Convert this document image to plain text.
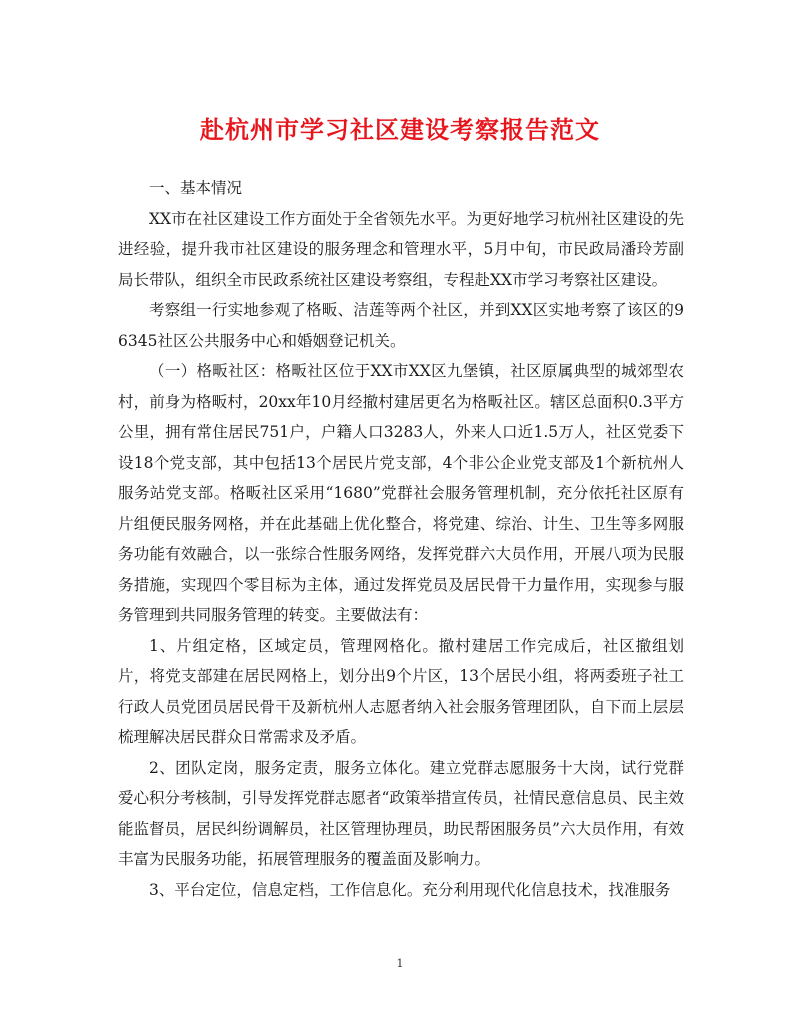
赴杭州市学习社区建设考察报告范文

一、基本情况

XX市在社区建设工作方面处于全省领先水平。为更好地学习杭州社区建设的先进经验，提升我市社区建设的服务理念和管理水平，5月中旬，市民政局潘玲芳副局长带队，组织全市民政系统社区建设考察组，专程赴XX市学习考察社区建设。

考察组一行实地参观了格畈、洁莲等两个社区，并到XX区实地考察了该区的96345社区公共服务中心和婚姻登记机关。

（一）格畈社区：格畈社区位于XX市XX区九堡镇，社区原属典型的城郊型农村，前身为格畈村，20xx年10月经撤村建居更名为格畈社区。辖区总面积0.3平方公里，拥有常住居民751户，户籍人口3283人，外来人口近1.5万人，社区党委下设18个党支部，其中包括13个居民片党支部，4个非公企业党支部及1个新杭州人服务站党支部。格畈社区采用“1680”党群社会服务管理机制，充分依托社区原有片组便民服务网格，并在此基础上优化整合，将党建、综治、计生、卫生等多网服务功能有效融合，以一张综合性服务网络，发挥党群六大员作用，开展八项为民服务措施，实现四个零目标为主体，通过发挥党员及居民骨干力量作用，实现参与服务管理到共同服务管理的转变。主要做法有：

1、片组定格，区域定员，管理网格化。撤村建居工作完成后，社区撤组划片，将党支部建在居民网格上，划分出9个片区，13个居民小组，将两委班子社工行政人员党团员居民骨干及新杭州人志愿者纳入社会服务管理团队，自下而上层层梳理解决居民群众日常需求及矛盾。

2、团队定岗，服务定责，服务立体化。建立党群志愿服务十大岗，试行党群爱心积分考核制，引导发挥党群志愿者“政策举措宣传员，社情民意信息员、民主效能监督员，居民纠纷调解员，社区管理协理员，助民帮困服务员”六大员作用，有效丰富为民服务功能，拓展管理服务的覆盖面及影响力。

3、平台定位，信息定档，工作信息化。充分利用现代化信息技术，找准服务

1
